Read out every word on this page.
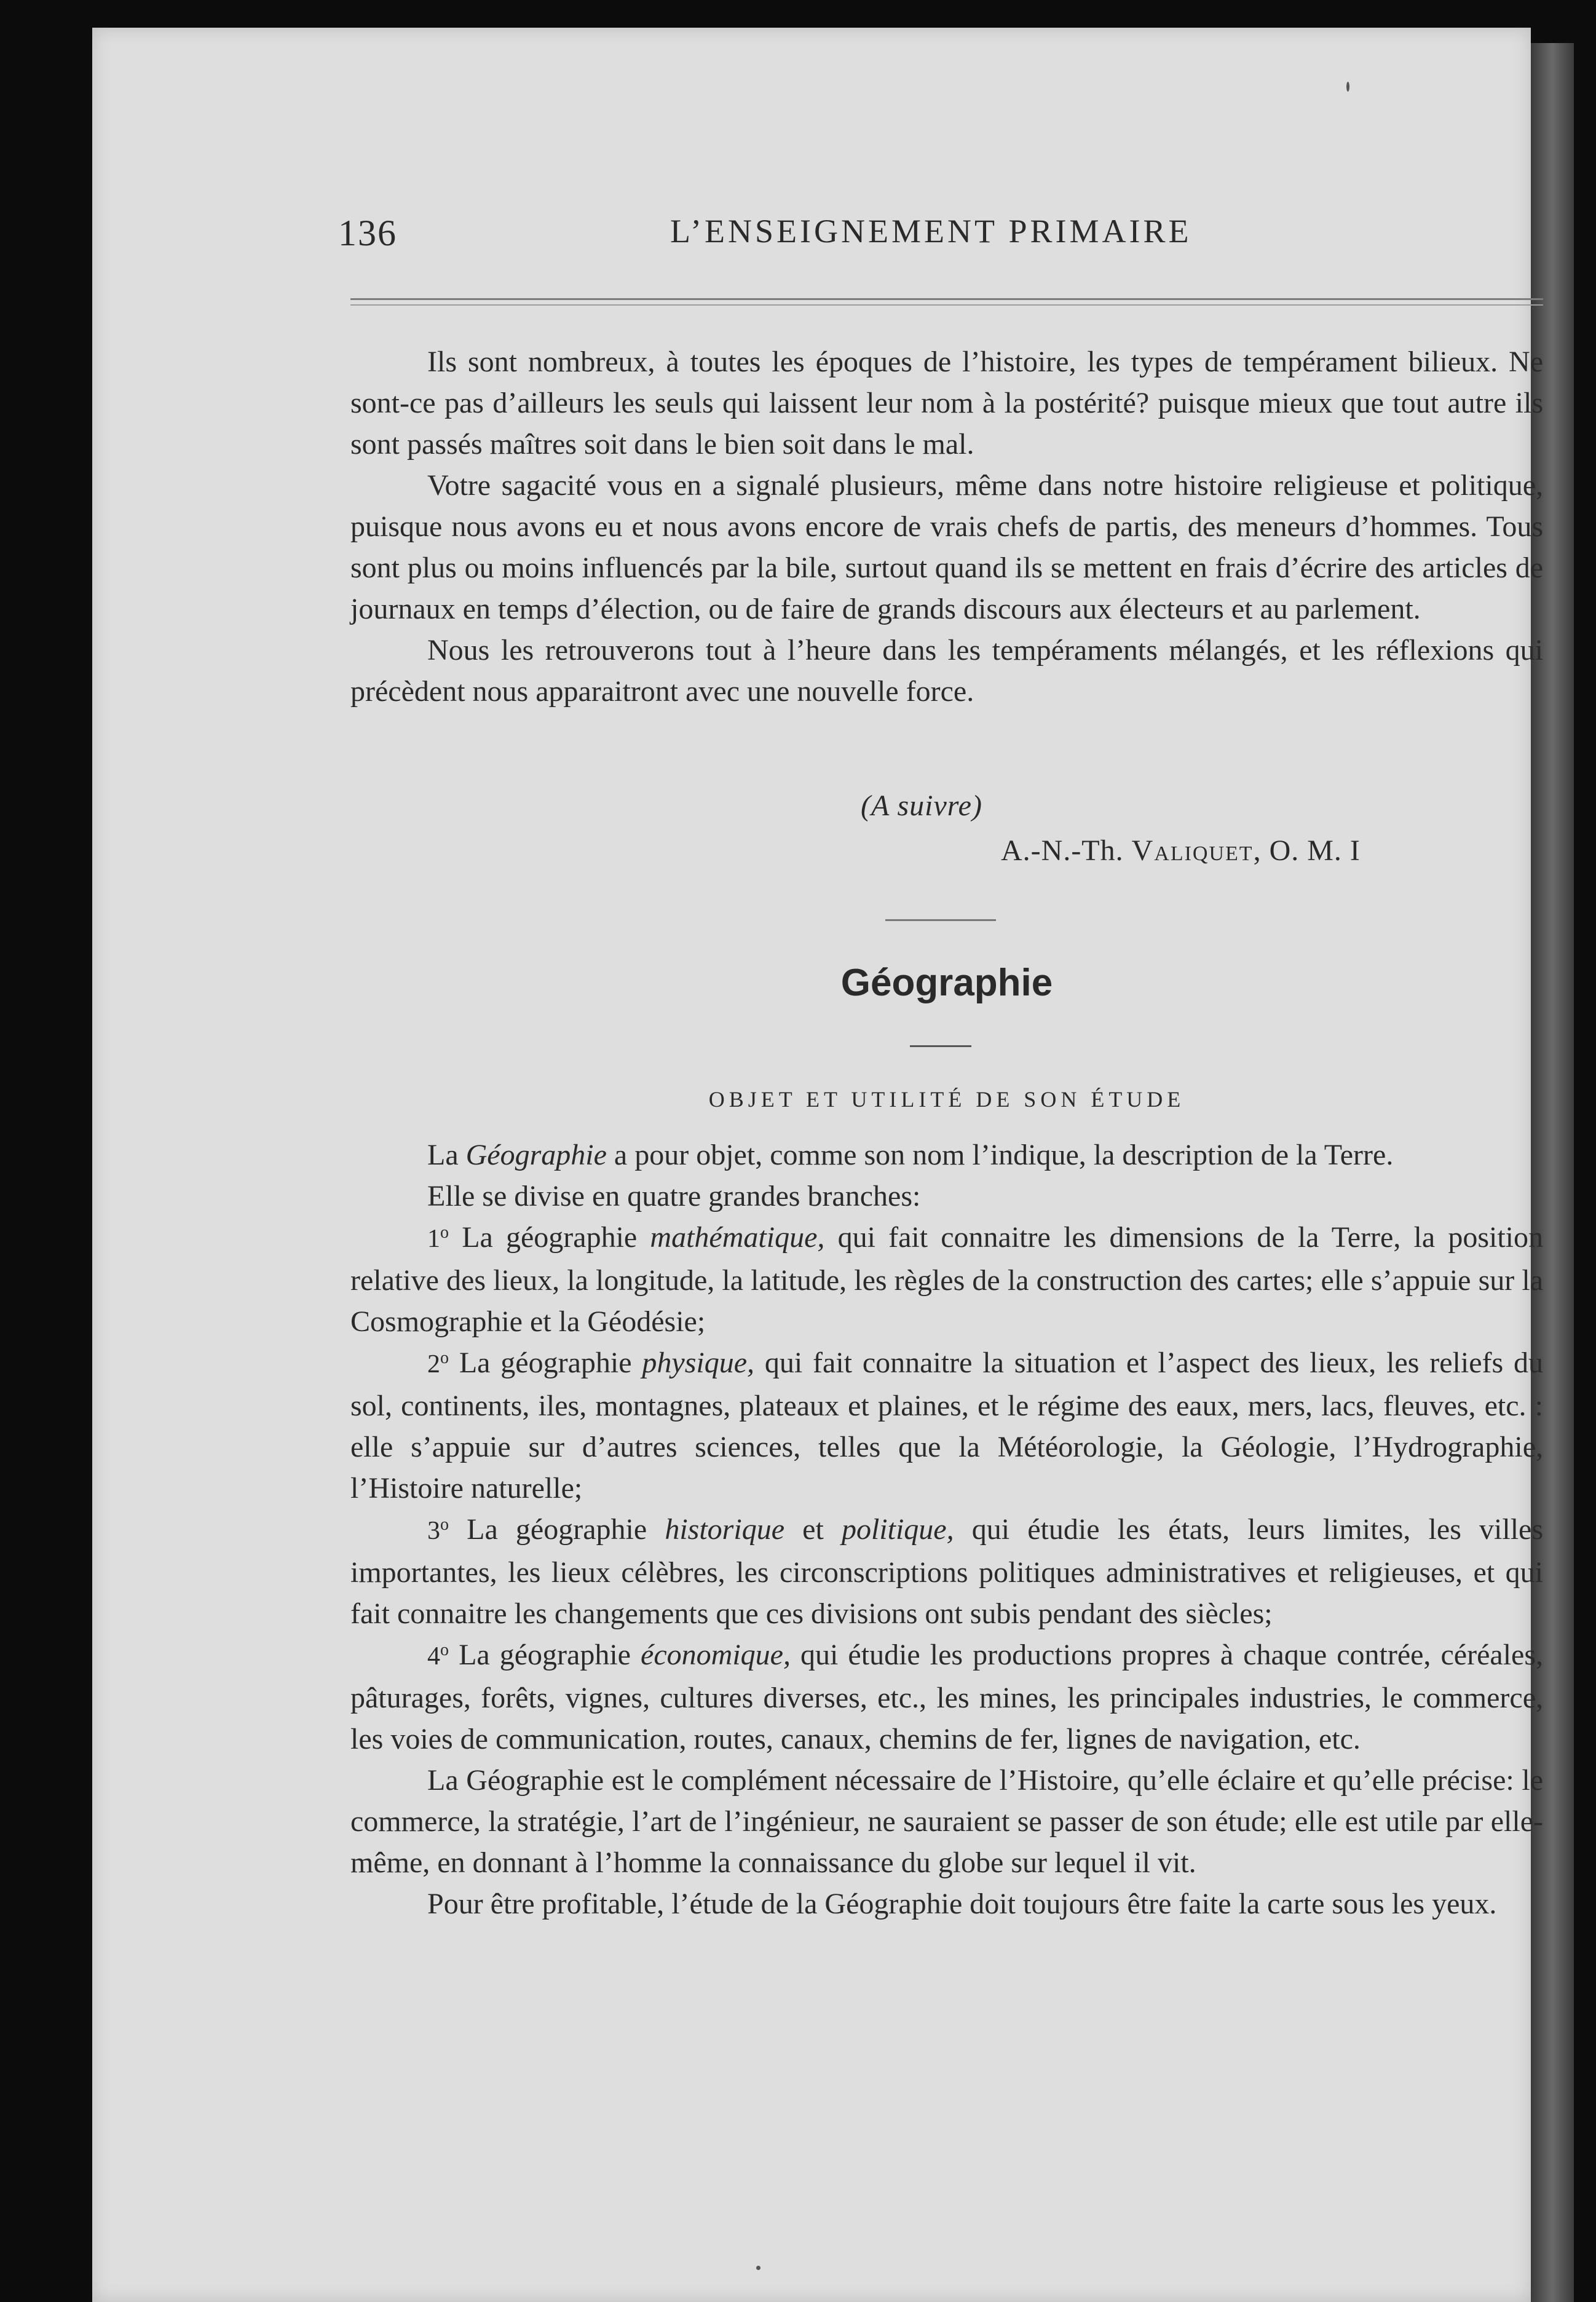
136	L’ENSEIGNEMENT PRIMAIRE

Ils sont nombreux, à toutes les époques de l’histoire, les types de tempérament bilieux. Ne sont-ce pas d’ailleurs les seuls qui laissent leur nom à la postérité? puisque mieux que tout autre ils sont passés maîtres soit dans le bien soit dans le mal.

Votre sagacité vous en a signalé plusieurs, même dans notre histoire religieuse et politique, puisque nous avons eu et nous avons encore de vrais chefs de partis, des meneurs d’hommes. Tous sont plus ou moins influencés par la bile, surtout quand ils se mettent en frais d’écrire des articles de journaux en temps d’élection, ou de faire de grands discours aux électeurs et au parlement.

Nous les retrouverons tout à l’heure dans les tempéraments mélangés, et les réflexions qui précèdent nous apparaitront avec une nouvelle force.

(A suivre)
A.-N.-Th. Valiquet, O. M. I
Géographie
OBJET ET UTILITÉ DE SON ÉTUDE

La Géographie a pour objet, comme son nom l’indique, la description de la Terre.

Elle se divise en quatre grandes branches:

1$^o$ La géographie mathématique, qui fait connaitre les dimensions de la Terre, la position relative des lieux, la longitude, la latitude, les règles de la construction des cartes; elle s’appuie sur la Cosmographie et la Géodésie;

2$^o$ La géographie physique, qui fait connaitre la situation et l’aspect des lieux, les reliefs du sol, continents, iles, montagnes, plateaux et plaines, et le régime des eaux, mers, lacs, fleuves, etc. : elle s’appuie sur d’autres sciences, telles que la Météorologie, la Géologie, l’Hydrographie, l’Histoire naturelle;

3$^o$ La géographie historique et politique, qui étudie les états, leurs limites, les villes importantes, les lieux célèbres, les circonscriptions politiques administratives et religieuses, et qui fait connaitre les changements que ces divisions ont subis pendant des siècles;

4$^o$ La géographie économique, qui étudie les productions propres à chaque contrée, céréales, pâturages, forêts, vignes, cultures diverses, etc., les mines, les principales industries, le commerce, les voies de communication, routes, canaux, chemins de fer, lignes de navigation, etc.

La Géographie est le complément nécessaire de l’Histoire, qu’elle éclaire et qu’elle précise: le commerce, la stratégie, l’art de l’ingénieur, ne sauraient se passer de son étude; elle est utile par elle-même, en donnant à l’homme la connaissance du globe sur lequel il vit.

Pour être profitable, l’étude de la Géographie doit toujours être faite la carte sous les yeux.
